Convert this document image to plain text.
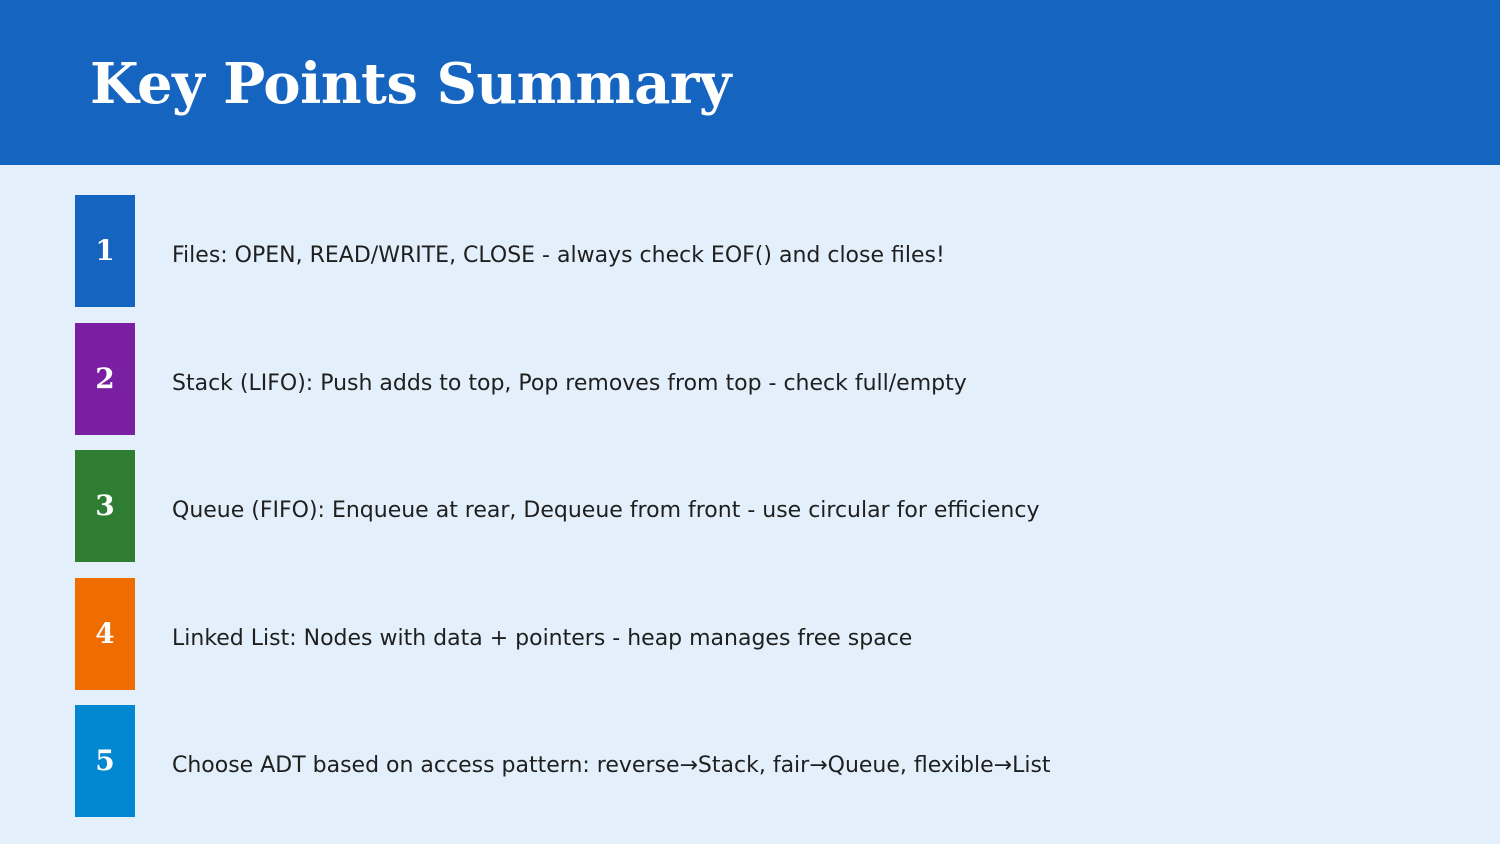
Key Points Summary
1	Files: OPEN, READ/WRITE, CLOSE - always check EOF() and close files!
2	Stack (LIFO): Push adds to top, Pop removes from top - check full/empty
3	Queue (FIFO): Enqueue at rear, Dequeue from front - use circular for efficiency
4	Linked List: Nodes with data + pointers - heap manages free space
5	Choose ADT based on access pattern: reverse→Stack, fair→Queue, flexible→List
